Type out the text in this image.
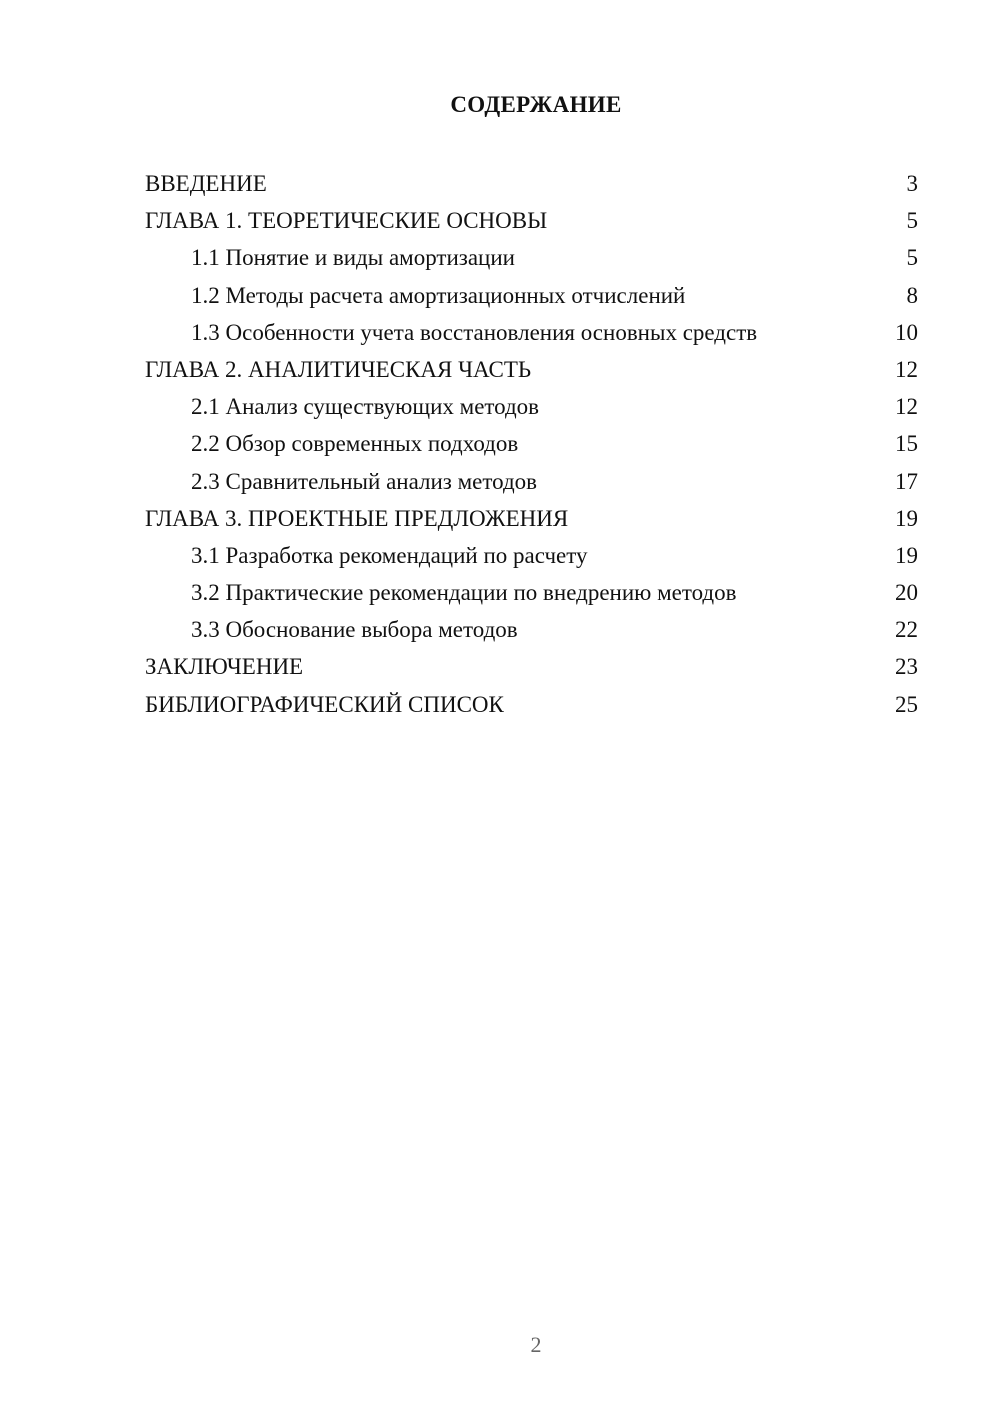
СОДЕРЖАНИЕ
ВВЕДЕНИЕ	3
ГЛАВА 1. ТЕОРЕТИЧЕСКИЕ ОСНОВЫ	5
1.1 Понятие и виды амортизации	5
1.2 Методы расчета амортизационных отчислений	8
1.3 Особенности учета восстановления основных средств	10
ГЛАВА 2. АНАЛИТИЧЕСКАЯ ЧАСТЬ	12
2.1 Анализ существующих методов	12
2.2 Обзор современных подходов	15
2.3 Сравнительный анализ методов	17
ГЛАВА 3. ПРОЕКТНЫЕ ПРЕДЛОЖЕНИЯ	19
3.1 Разработка рекомендаций по расчету	19
3.2 Практические рекомендации по внедрению методов	20
3.3 Обоснование выбора методов	22
ЗАКЛЮЧЕНИЕ	23
БИБЛИОГРАФИЧЕСКИЙ СПИСОК	25
2
